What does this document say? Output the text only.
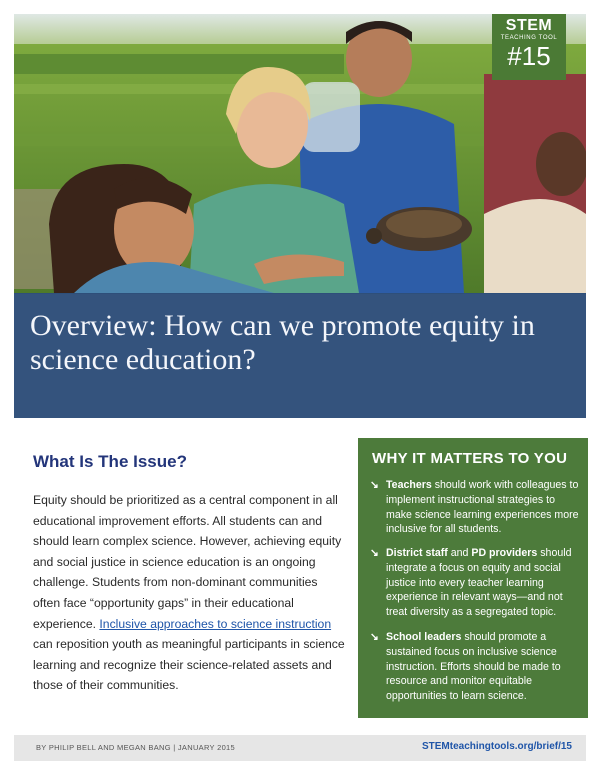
STEM
TEACHING TOOL
#15
Overview: How can we promote equity in science education?
What Is The Issue?

Equity should be prioritized as a central component in all educational improvement efforts. All students can and should learn complex science. However, achieving equity and social justice in science education is an ongoing challenge. Students from non-dominant communities often face “opportunity gaps” in their educational experience. Inclusive approaches to science instruction can reposition youth as meaningful participants in science learning and recognize their science-related assets and those of their communities.

WHY IT MATTERS TO YOU
↘ Teachers should work with colleagues to implement instructional strategies to make science learning experiences more inclusive for all students.
↘ District staff and PD providers should integrate a focus on equity and social justice into every teacher learning experience in relevant ways—and not treat diversity as a segregated topic.
↘ School leaders should promote a sustained focus on inclusive science instruction. Efforts should be made to resource and monitor equitable opportunities to learn science.
BY PHILIP BELL AND MEGAN BANG | JANUARY 2015	STEMteachingtools.org/brief/15
